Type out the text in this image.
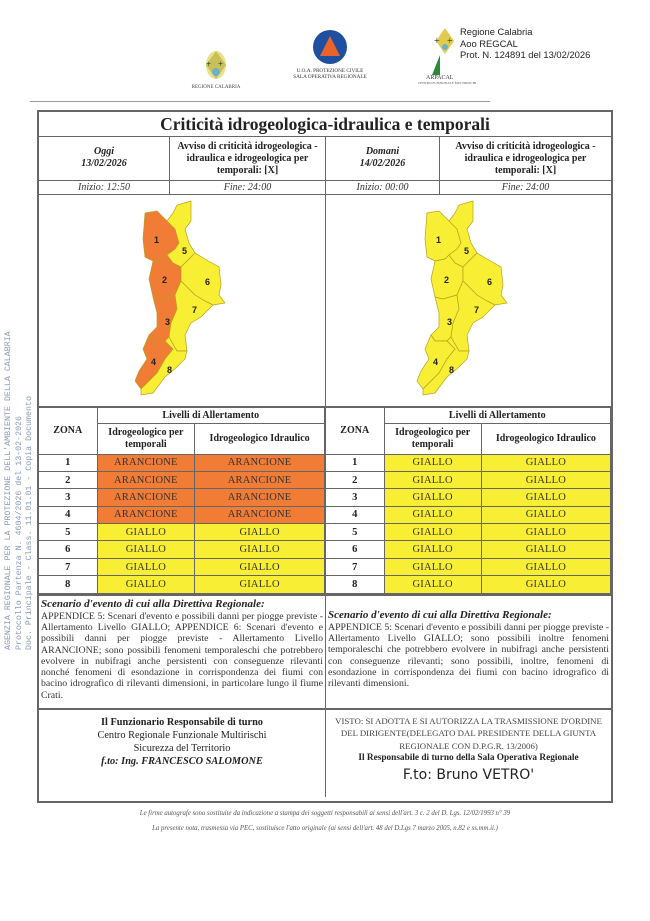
+ +
REGIONE CALABRIA
U.O.A. PROTEZIONE CIVILE
SALA OPERATIVA REGIONALE	ARPACAL
CENTRO FUNZIONALE MULTIRISCHI
+ +
Regione Calabria
Aoo REGCAL
Prot. N. 124891 del 13/02/2026
AGENZIA REGIONALE PER LA PROTEZIONE DELL'AMBIENTE DELLA CALABRIA Protocollo Partenza N. 4604/2026 del 13-02-2026 Doc. Principale - Class. 11.01.01 - Copia Documento
Criticità idrogeologica-idraulica e temporali
Oggi
13/02/2026
Avviso di criticità idrogeologica -
idraulica e idrogeologica per
temporali: [X]
Domani
14/02/2026
Avviso di criticità idrogeologica -
idraulica e idrogeologica per
temporali: [X]
Inizio: 12:50	Fine: 24:00	Inizio: 00:00	Fine: 24:00
1
2
3
4
5
6
7
8
1
2
3
4
5
6
7
8
ZONA	Livelli di Allertamento	
	Idrogeologico per
temporali	Idrogeologico Idraulico
1	ARANCIONE	ARANCIONE
2	ARANCIONE	ARANCIONE
3	ARANCIONE	ARANCIONE
4	ARANCIONE	ARANCIONE
5	GIALLO	GIALLO
6	GIALLO	GIALLO
7	GIALLO	GIALLO
8	GIALLO	GIALLO
ZONA	Livelli di Allertamento	
	Idrogeologico per
temporali	Idrogeologico Idraulico
1	GIALLO	GIALLO
2	GIALLO	GIALLO
3	GIALLO	GIALLO
4	GIALLO	GIALLO
5	GIALLO	GIALLO
6	GIALLO	GIALLO
7	GIALLO	GIALLO
8	GIALLO	GIALLO
Scenario d'evento di cui alla Direttiva Regionale:
APPENDICE 5: Scenari d'evento e possibili danni per piogge previste - Allertamento Livello GIALLO; APPENDICE 6: Scenari d'evento e possibili danni per piogge previste - Allertamento Livello ARANCIONE; sono possibili fenomeni temporaleschi che potrebbero evolvere in nubifragi anche persistenti con conseguenze rilevanti nonché fenomeni di esondazione in corrispondenza dei fiumi con bacino idrografico di rilevanti dimensioni, in particolare lungo il fiume Crati.
Scenario d'evento di cui alla Direttiva Regionale:
APPENDICE 5: Scenari d'evento e possibili danni per piogge previste - Allertamento Livello GIALLO; sono possibili inoltre fenomeni temporaleschi che potrebbero evolvere in nubifragi anche persistenti con conseguenze rilevanti; sono possibili, inoltre, fenomeni di esondazione in corrispondenza dei fiumi con bacino idrografico di rilevanti dimensioni.
Il Funzionario Responsabile di turno
Centro Regionale Funzionale Multirischi
Sicurezza del Territorio
f.to: Ing. FRANCESCO SALOMONE
VISTO: SI ADOTTA E SI AUTORIZZA LA TRASMISSIONE D'ORDINE
DEL DIRIGENTE(DELEGATO DAL PRESIDENTE DELLA GIUNTA
REGIONALE CON D.P.G.R. 13/2006)
Il Responsabile di turno della Sala Operativa Regionale
F.to: Bruno VETRO'
Le firme autografe sono sostituite da indicazione a stampa dei soggetti responsabili ai sensi dell'art. 3 c. 2 del D. Lgs. 12/02/1993 n° 39
La presente nota, trasmessa via PEC, sostituisce l'atto originale (ai sensi dell'art. 48 del D.Lgs 7 marzo 2005, n.82 e ss.mm.ii.)
